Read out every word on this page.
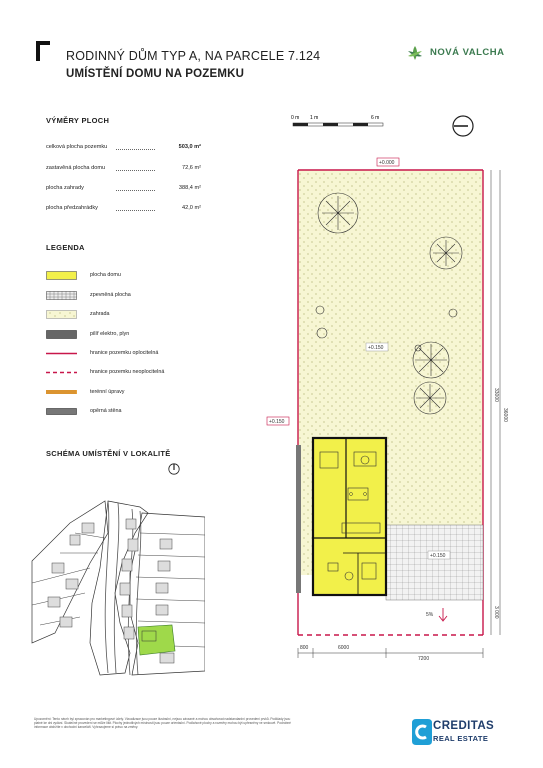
RODINNÝ DŮM TYP A, NA PARCELE 7.124
UMÍSTĚNÍ DOMU NA POZEMKU
NOVÁ VALCHA
VÝMĚRY PLOCH
celková plocha pozemku	503,0 m²
zastavěná plocha domu	72,6 m²
plocha zahrady	388,4 m²
plocha předzahrádky	42,0 m²
LEGENDA
plocha domu
zpevněná plocha
zahrada
pilíř elektro, plyn
hranice pozemku oplocitelná
hranice pozemku neoplocitelná
terénní úpravy
opěrná stěna
SCHÉMA UMÍSTĚNÍ V LOKALITĚ
0 m 1 m	6 m
+0.000
+0.150
+0.150
+0.150
5%
36000
33000
3 000
800	6000
7200
Upozornění: Tento návrh byl zpracován pro marketingové účely. Vizualizace jsou pouze ilustrační, nejsou závazné a mohou obsahovat nadstandardní provedení prvků. Podklady jsou platné ke dni vydání. Skutečné provedení se může lišit. Plochy jednotlivých místností jsou pouze orientační. Podlahové plochy a rozměry mohou být upřesněny ve smlouvě. Podrobné informace obdržíte v obchodní kanceláři. Vyhrazujeme si právo na změny.	CREDITAS
REAL ESTATE
